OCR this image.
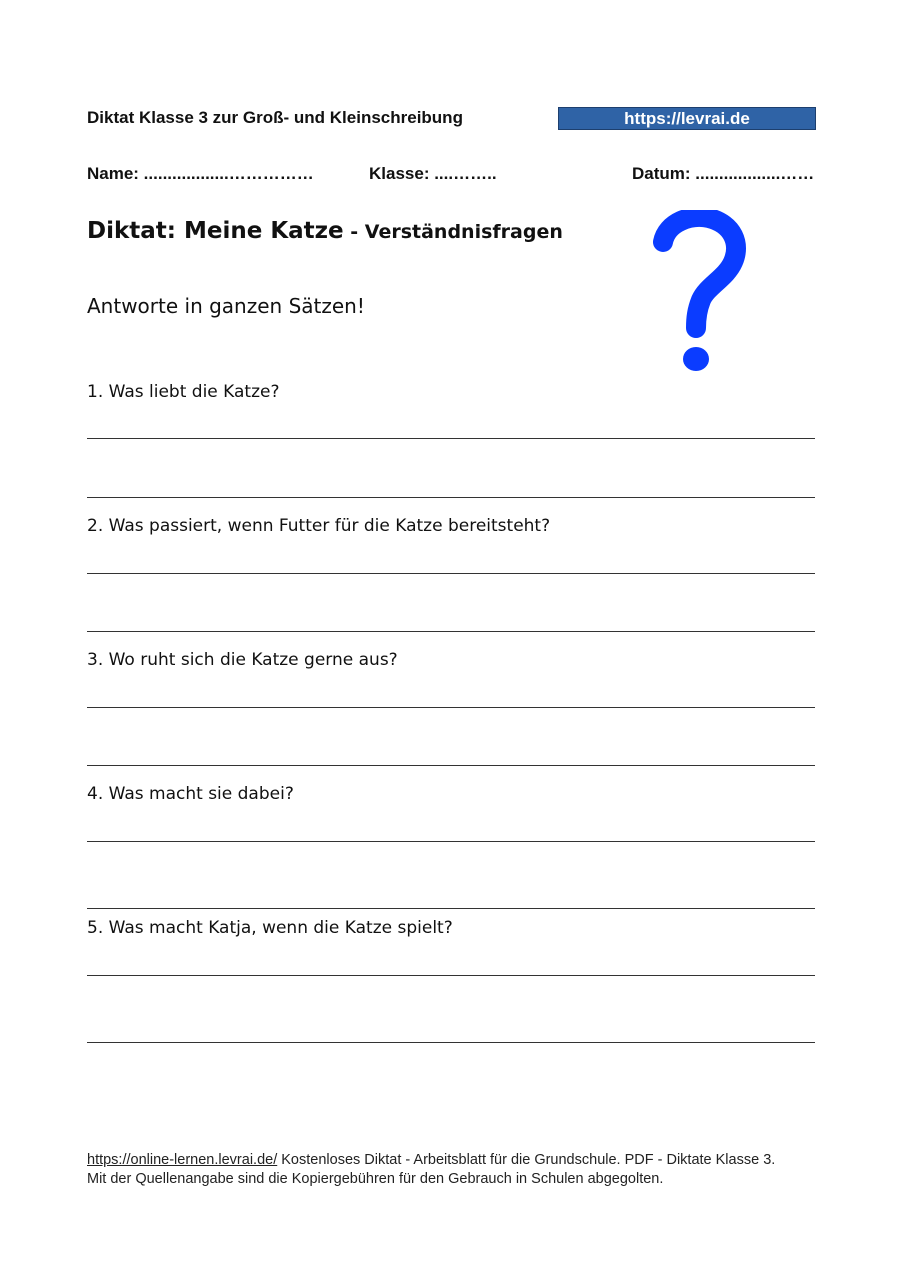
Diktat Klasse 3 zur Groß- und Kleinschreibung	https://levrai.de
Name: ..................……………	Klasse: ....……..	Datum: ..................……
Diktat: Meine Katze - Verständnisfragen
Antworte in ganzen Sätzen!
1. Was liebt die Katze?
2. Was passiert, wenn Futter für die Katze bereitsteht?
3. Wo ruht sich die Katze gerne aus?
4. Was macht sie dabei?
5. Was macht Katja, wenn die Katze spielt?
https://online-lernen.levrai.de/ Kostenloses Diktat - Arbeitsblatt für die Grundschule. PDF - Diktate Klasse 3.
Mit der Quellenangabe sind die Kopiergebühren für den Gebrauch in Schulen abgegolten.
